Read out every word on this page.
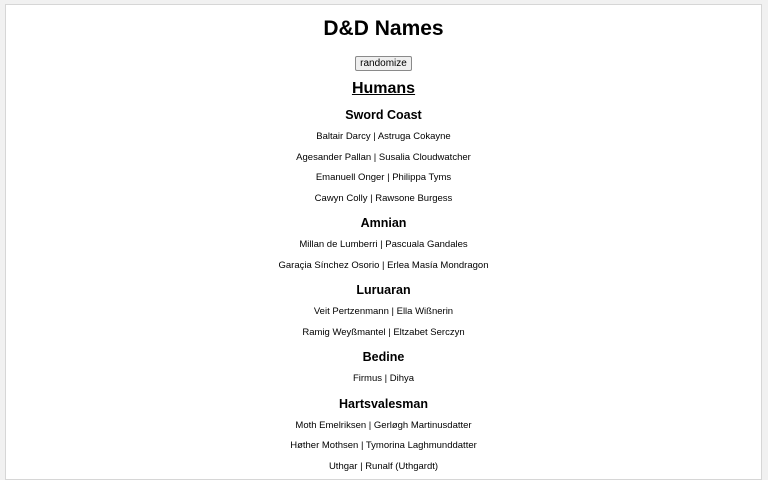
D&D Names
randomize
Humans
Sword Coast

Baltair Darcy | Astruga Cokayne

Agesander Pallan | Susalia Cloudwatcher

Emanuell Onger | Philippa Tyms

Cawyn Colly | Rawsone Burgess

Amnian

Millan de Lumberri | Pascuala Gandales

Garaçia Sínchez Osorio | Erlea Masía Mondragon

Luruaran

Veit Pertzenmann | Ella Wißnerin

Ramig Weyßmantel | Eltzabet Serczyn

Bedine

Firmus | Dihya

Hartsvalesman

Moth Emelriksen | Gerløgh Martinusdatter

Høther Mothsen | Tymorina Laghmunddatter

Uthgar | Runalf (Uthgardt)
